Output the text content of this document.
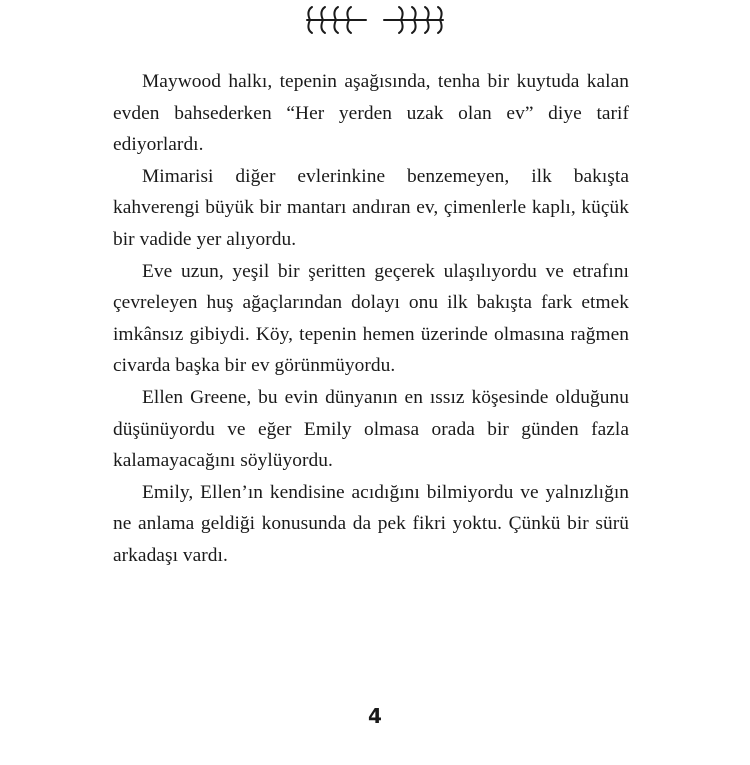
Maywood halkı, tepenin aşağısında, tenha bir kuytuda kalan evden bahsederken “Her yerden uzak olan ev” diye tarif ediyorlardı.

Mimarisi diğer evlerinkine benzemeyen, ilk bakışta kahverengi büyük bir mantarı andıran ev, çimenlerle kaplı, küçük bir vadide yer alıyordu.

Eve uzun, yeşil bir şeritten geçerek ulaşılıyordu ve etrafını çevreleyen huş ağaçlarından dolayı onu ilk bakışta fark etmek imkânsız gibiydi. Köy, tepenin hemen üzerinde olmasına rağmen civarda başka bir ev görünmüyordu.

Ellen Greene, bu evin dünyanın en ıssız köşesinde olduğunu düşünüyordu ve eğer Emily olmasa orada bir günden fazla kalamayacağını söylüyordu.

Emily, Ellen’ın kendisine acıdığını bilmiyordu ve yalnızlığın ne anlama geldiği konusunda da pek fikri yoktu. Çünkü bir sürü arkadaşı vardı.

4
